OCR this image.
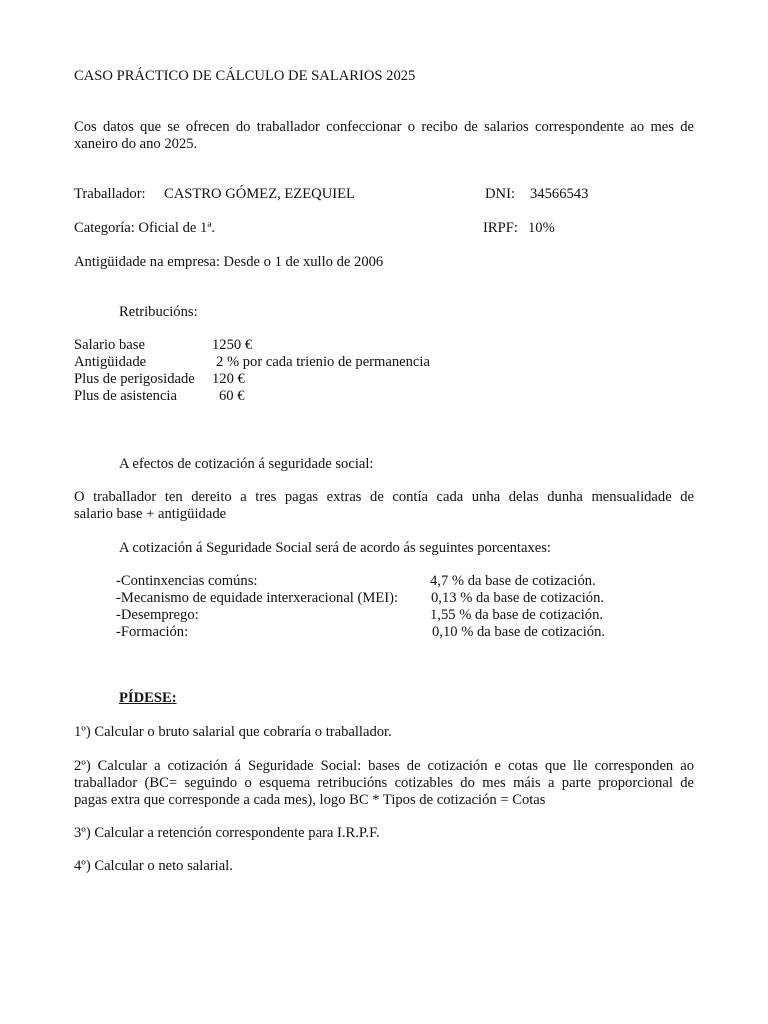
CASO PRÁCTICO DE CÁLCULO DE SALARIOS 2025
Cos datos que se ofrecen do traballador confeccionar o recibo de salarios correspondente ao mes de
xaneiro do ano 2025.
Traballador: CASTRO GÓMEZ, EZEQUIEL	DNI: 34566543
Categoría: Oficial de 1ª.	IRPF: 10%
Antigüidade na empresa: Desde o 1 de xullo de 2006
Retribucións:
Salario base	1250 €
Antigüidade	2 % por cada trienio de permanencia
Plus de perigosidade 120 €
Plus de asistencia	60 €
A efectos de cotización á seguridade social:
O traballador ten dereito a tres pagas extras de contía cada unha delas dunha mensualidade de
salario base + antigüidade
A cotización á Seguridade Social será de acordo ás seguintes porcentaxes:
-Continxencias comúns:	4,7 % da base de cotización.
-Mecanismo de equidade interxeracional (MEI): 0,13 % da base de cotización.
-Desemprego:	1,55 % da base de cotización.
-Formación:	0,10 % da base de cotización.
PÍDESE:
1º) Calcular o bruto salarial que cobraría o traballador.
2º) Calcular a cotización á Seguridade Social: bases de cotización e cotas que lle corresponden ao
traballador (BC= seguindo o esquema retribucións cotizables do mes máis a parte proporcional de
pagas extra que corresponde a cada mes), logo BC * Tipos de cotización = Cotas
3º) Calcular a retención correspondente para I.R.P.F.
4º) Calcular o neto salarial.
